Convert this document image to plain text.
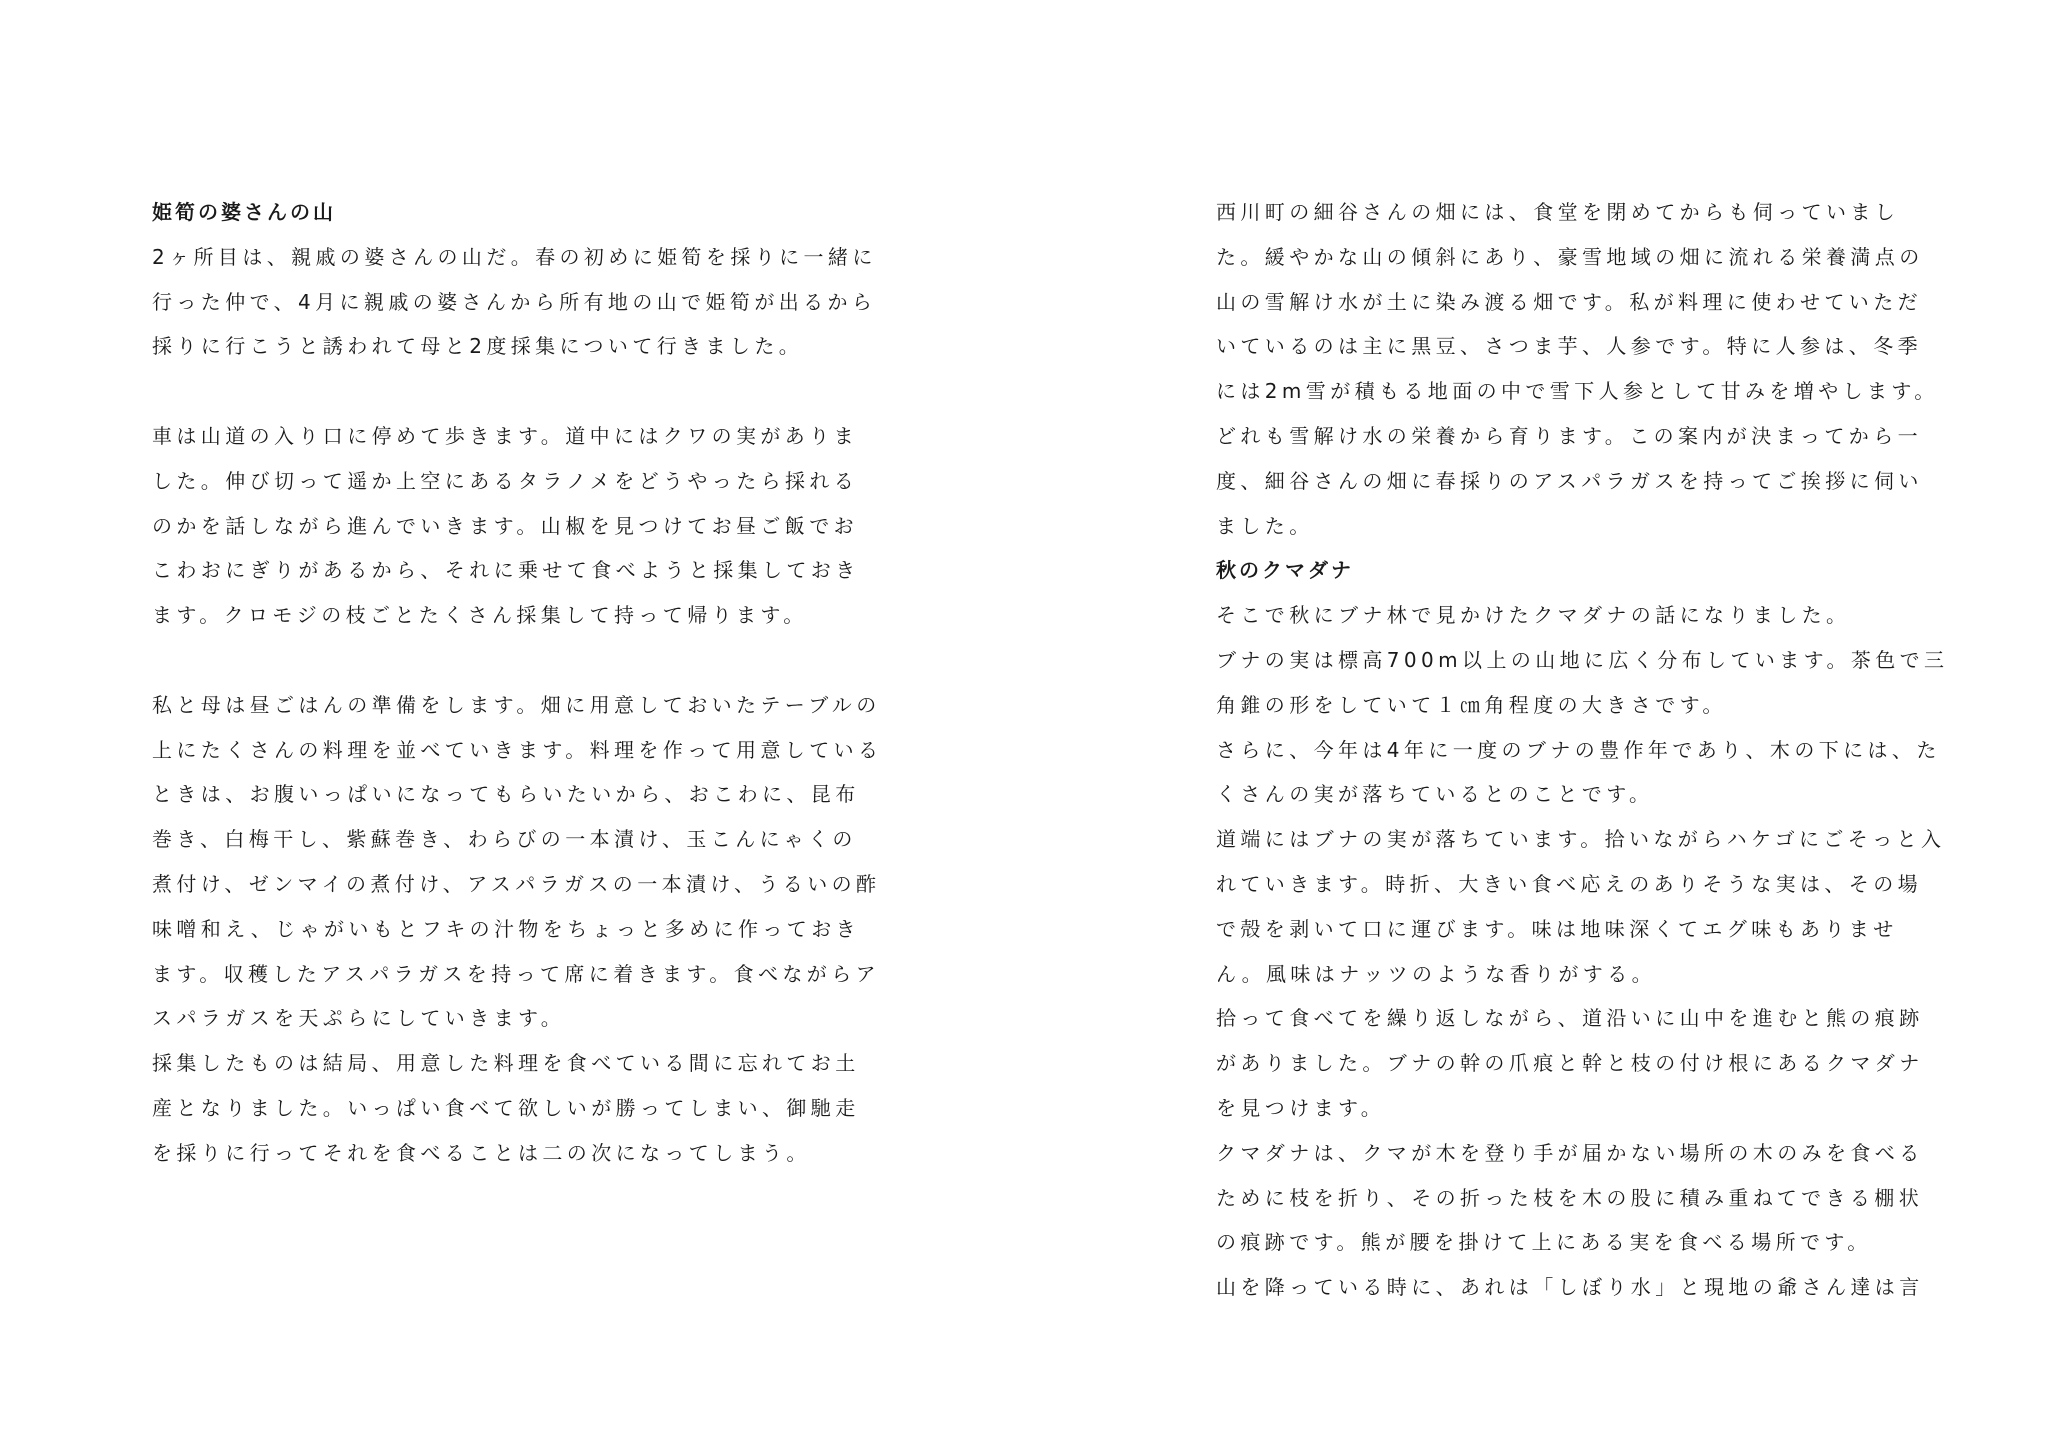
姫筍の婆さんの山
2ヶ所目は、親戚の婆さんの山だ。春の初めに姫筍を採りに一緒に
行った仲で、4月に親戚の婆さんから所有地の山で姫筍が出るから
採りに行こうと誘われて母と2度採集について行きました。
車は山道の入り口に停めて歩きます。道中にはクワの実がありま
した。伸び切って遥か上空にあるタラノメをどうやったら採れる
のかを話しながら進んでいきます。山椒を見つけてお昼ご飯でお
こわおにぎりがあるから、それに乗せて食べようと採集しておき
ます。クロモジの枝ごとたくさん採集して持って帰ります。
私と母は昼ごはんの準備をします。畑に用意しておいたテーブルの
上にたくさんの料理を並べていきます。料理を作って用意している
ときは、お腹いっぱいになってもらいたいから、おこわに、昆布
巻き、白梅干し、紫蘇巻き、わらびの一本漬け、玉こんにゃくの
煮付け、ゼンマイの煮付け、アスパラガスの一本漬け、うるいの酢
味噌和え、じゃがいもとフキの汁物をちょっと多めに作っておき
ます。収穫したアスパラガスを持って席に着きます。食べながらア
スパラガスを天ぷらにしていきます。
採集したものは結局、用意した料理を食べている間に忘れてお土
産となりました。いっぱい食べて欲しいが勝ってしまい、御馳走
を採りに行ってそれを食べることは二の次になってしまう。
西川町の細谷さんの畑には、食堂を閉めてからも伺っていまし
た。緩やかな山の傾斜にあり、豪雪地域の畑に流れる栄養満点の
山の雪解け水が土に染み渡る畑です。私が料理に使わせていただ
いているのは主に黒豆、さつま芋、人参です。特に人参は、冬季
には2m雪が積もる地面の中で雪下人参として甘みを増やします。
どれも雪解け水の栄養から育ります。この案内が決まってから一
度、細谷さんの畑に春採りのアスパラガスを持ってご挨拶に伺い
ました。
秋のクマダナ
そこで秋にブナ林で見かけたクマダナの話になりました。
ブナの実は標高700m以上の山地に広く分布しています。茶色で三
角錐の形をしていて１㎝角程度の大きさです。
さらに、今年は4年に一度のブナの豊作年であり、木の下には、た
くさんの実が落ちているとのことです。
道端にはブナの実が落ちています。拾いながらハケゴにごそっと入
れていきます。時折、大きい食べ応えのありそうな実は、その場
で殻を剥いて口に運びます。味は地味深くてエグ味もありませ
ん。風味はナッツのような香りがする。
拾って食べてを繰り返しながら、道沿いに山中を進むと熊の痕跡
がありました。ブナの幹の爪痕と幹と枝の付け根にあるクマダナ
を見つけます。
クマダナは、クマが木を登り手が届かない場所の木のみを食べる
ために枝を折り、その折った枝を木の股に積み重ねてできる棚状
の痕跡です。熊が腰を掛けて上にある実を食べる場所です。
山を降っている時に、あれは「しぼり水」と現地の爺さん達は言
